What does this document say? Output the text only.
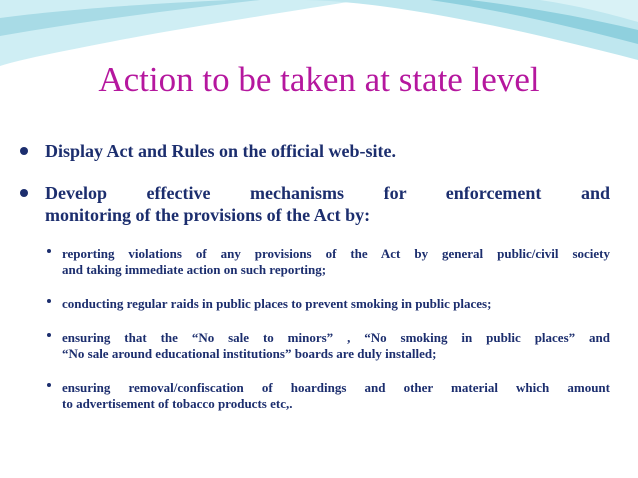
Action to be taken at state level
Display Act and Rules on the official web-site.
Develop effective mechanisms for enforcement and
monitoring of the provisions of the Act by:
reporting violations of any provisions of the Act by general public/civil society
and taking immediate action on such reporting;
conducting regular raids in public places to prevent smoking in public places;
ensuring that the “No sale to minors” , “No smoking in public places” and
“No sale around educational institutions” boards are duly installed;
ensuring removal/confiscation of hoardings and other material which amount
to advertisement of tobacco products etc,.
